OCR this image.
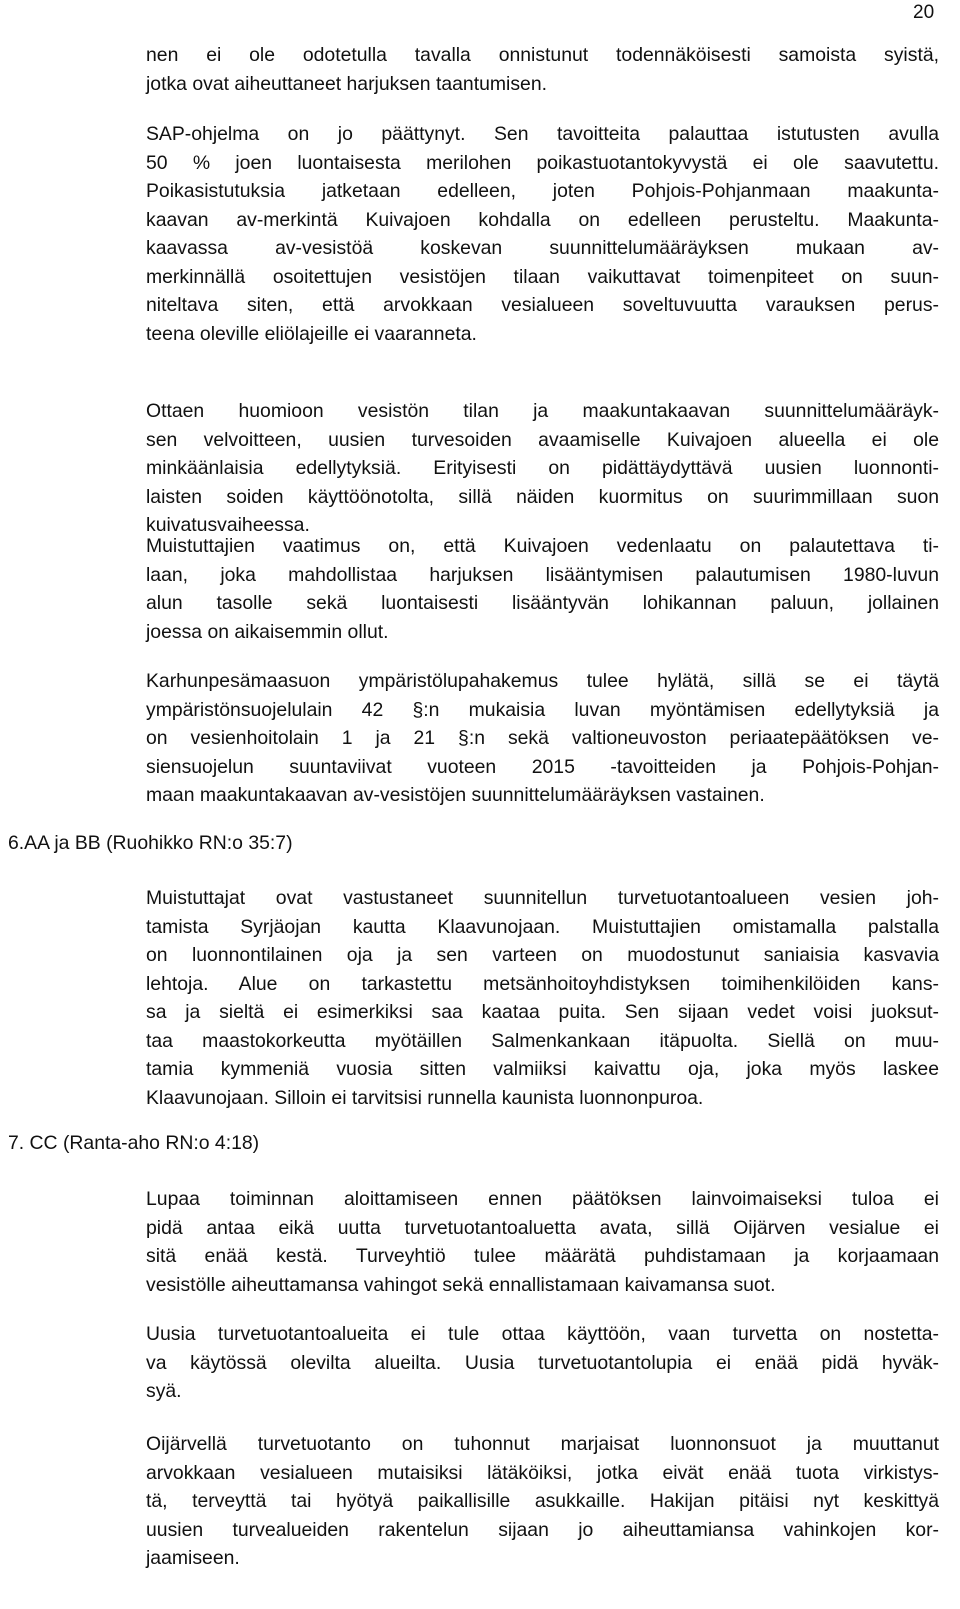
20
6.AA ja BB (Ruohikko RN:o 35:7)
7. CC (Ranta-aho RN:o 4:18)
nen ei ole odotetulla tavalla onnistunut todennäköisesti samoista syistä,
jotka ovat aiheuttaneet harjuksen taantumisen.
SAP-ohjelma on jo päättynyt. Sen tavoitteita palauttaa istutusten avulla
50 % joen luontaisesta merilohen poikastuotantokyvystä ei ole saavutettu.
Poikasistutuksia jatketaan edelleen, joten Pohjois-Pohjanmaan maakunta-
kaavan av-merkintä Kuivajoen kohdalla on edelleen perusteltu. Maakunta-
kaavassa av-vesistöä koskevan suunnittelumääräyksen mukaan av-
merkinnällä osoitettujen vesistöjen tilaan vaikuttavat toimenpiteet on suun-
niteltava siten, että arvokkaan vesialueen soveltuvuutta varauksen perus-
teena oleville eliölajeille ei vaaranneta.
Ottaen huomioon vesistön tilan ja maakuntakaavan suunnittelumääräyk-
sen velvoitteen, uusien turvesoiden avaamiselle Kuivajoen alueella ei ole
minkäänlaisia edellytyksiä. Erityisesti on pidättäydyttävä uusien luonnonti-
laisten soiden käyttöönotolta, sillä näiden kuormitus on suurimmillaan suon
kuivatusvaiheessa.
Muistuttajien vaatimus on, että Kuivajoen vedenlaatu on palautettava ti-
laan, joka mahdollistaa harjuksen lisääntymisen palautumisen 1980-luvun
alun tasolle sekä luontaisesti lisääntyvän lohikannan paluun, jollainen
joessa on aikaisemmin ollut.
Karhunpesämaasuon ympäristölupahakemus tulee hylätä, sillä se ei täytä
ympäristönsuojelulain 42 §:n mukaisia luvan myöntämisen edellytyksiä ja
on vesienhoitolain 1 ja 21 §:n sekä valtioneuvoston periaatepäätöksen ve-
siensuojelun suuntaviivat vuoteen 2015 -tavoitteiden ja Pohjois-Pohjan-
maan maakuntakaavan av-vesistöjen suunnittelumääräyksen vastainen.
Muistuttajat ovat vastustaneet suunnitellun turvetuotantoalueen vesien joh-
tamista Syrjäojan kautta Klaavunojaan. Muistuttajien omistamalla palstalla
on luonnontilainen oja ja sen varteen on muodostunut saniaisia kasvavia
lehtoja. Alue on tarkastettu metsänhoitoyhdistyksen toimihenkilöiden kans-
sa ja sieltä ei esimerkiksi saa kaataa puita. Sen sijaan vedet voisi juoksut-
taa maastokorkeutta myötäillen Salmenkankaan itäpuolta. Siellä on muu-
tamia kymmeniä vuosia sitten valmiiksi kaivattu oja, joka myös laskee
Klaavunojaan. Silloin ei tarvitsisi runnella kaunista luonnonpuroa.
Lupaa toiminnan aloittamiseen ennen päätöksen lainvoimaiseksi tuloa ei
pidä antaa eikä uutta turvetuotantoaluetta avata, sillä Oijärven vesialue ei
sitä enää kestä. Turveyhtiö tulee määrätä puhdistamaan ja korjaamaan
vesistölle aiheuttamansa vahingot sekä ennallistamaan kaivamansa suot.
Uusia turvetuotantoalueita ei tule ottaa käyttöön, vaan turvetta on nostetta-
va käytössä olevilta alueilta. Uusia turvetuotantolupia ei enää pidä hyväk-
syä.
Oijärvellä turvetuotanto on tuhonnut marjaisat luonnonsuot ja muuttanut
arvokkaan vesialueen mutaisiksi lätäköiksi, jotka eivät enää tuota virkistys-
tä, terveyttä tai hyötyä paikallisille asukkaille. Hakijan pitäisi nyt keskittyä
uusien turvealueiden rakentelun sijaan jo aiheuttamiansa vahinkojen kor-
jaamiseen.
